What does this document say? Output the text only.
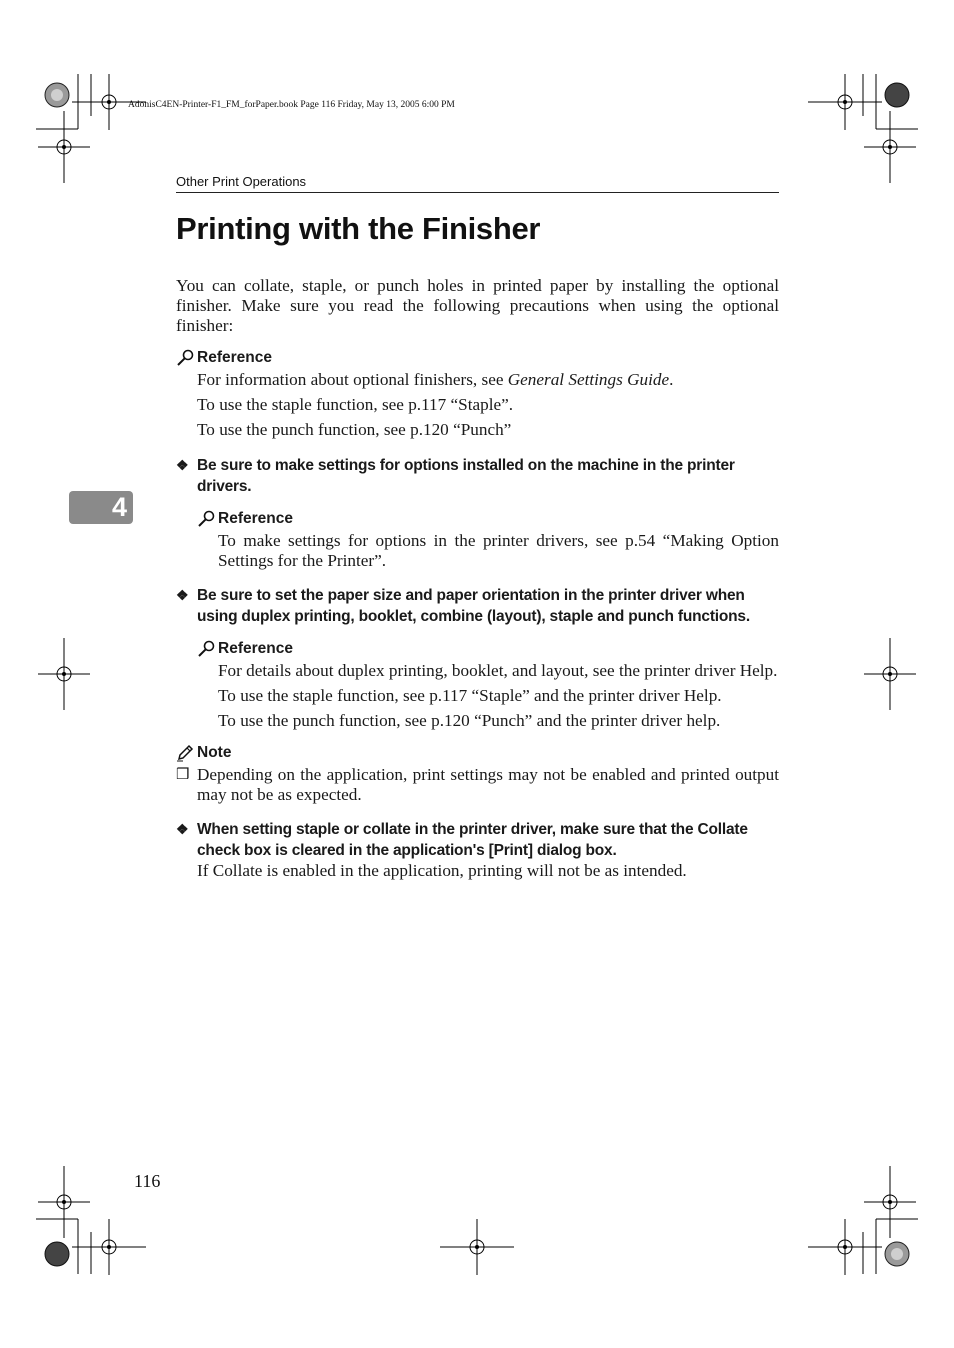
AdonisC4EN-Printer-F1_FM_forPaper.book Page 116 Friday, May 13, 2005 6:00 PM
Other Print Operations
4
Printing with the Finisher

You can collate, staple, or punch holes in printed paper by installing the optional finisher. Make sure you read the following precautions when using the optional finisher:

Reference

For information about optional finishers, see General Settings Guide.

To use the staple function, see p.117 “Staple”.

To use the punch function, see p.120 “Punch”

❖ Be sure to make settings for options installed on the machine in the printer drivers.
Reference

To make settings for options in the printer drivers, see p.54 “Making Option Settings for the Printer”.

❖ Be sure to set the paper size and paper orientation in the printer driver when using duplex printing, booklet, combine (layout), staple and punch functions.
Reference

For details about duplex printing, booklet, and layout, see the printer driver Help.

To use the staple function, see p.117 “Staple” and the printer driver Help.

To use the punch function, see p.120 “Punch” and the printer driver help.

Note
❒ Depending on the application, print settings may not be enabled and printed output may not be as expected.

❖ When setting staple or collate in the printer driver, make sure that the Collate check box is cleared in the application's [Print] dialog box.

If Collate is enabled in the application, printing will not be as intended.

116
